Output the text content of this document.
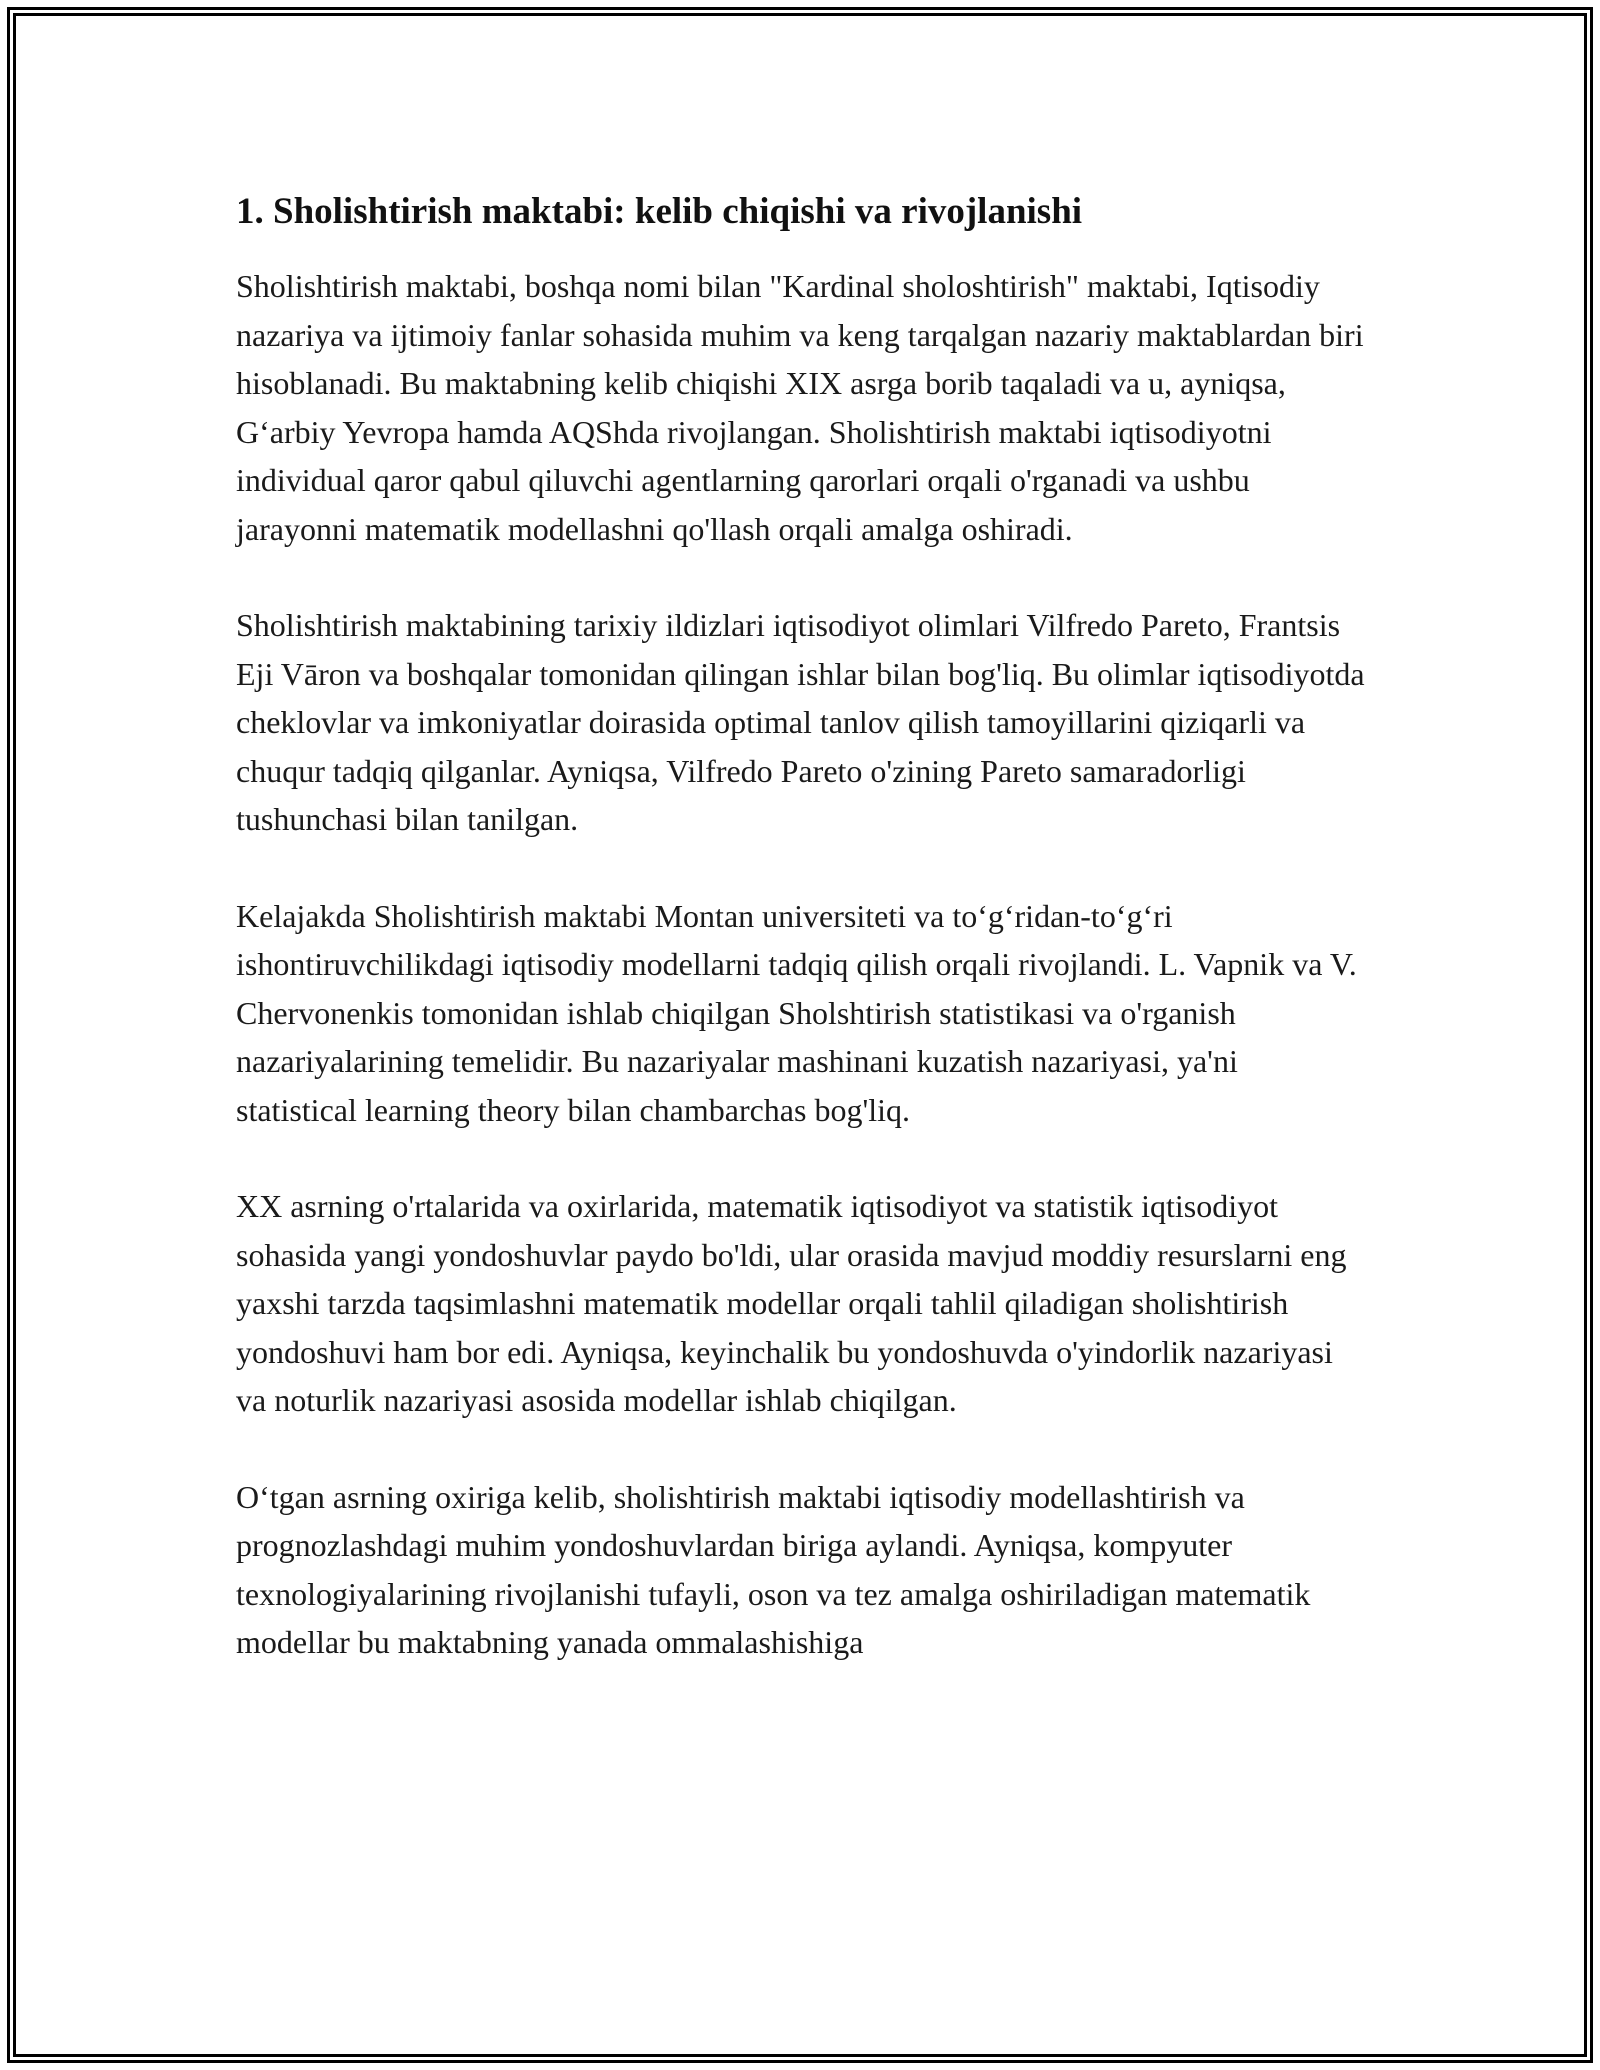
1. Sholishtirish maktabi: kelib chiqishi va rivojlanishi

Sholishtirish maktabi, boshqa nomi bilan "Kardinal sholoshtirish" maktabi, Iqtisodiy nazariya va ijtimoiy fanlar sohasida muhim va keng tarqalgan nazariy maktablardan biri hisoblanadi. Bu maktabning kelib chiqishi XIX asrga borib taqaladi va u, ayniqsa, G‘arbiy Yevropa hamda AQShda rivojlangan. Sholishtirish maktabi iqtisodiyotni individual qaror qabul qiluvchi agentlarning qarorlari orqali o'rganadi va ushbu jarayonni matematik modellashni qo'llash orqali amalga oshiradi.

Sholishtirish maktabining tarixiy ildizlari iqtisodiyot olimlari Vilfredo Pareto, Frantsis Eji Vāron va boshqalar tomonidan qilingan ishlar bilan bog'liq. Bu olimlar iqtisodiyotda cheklovlar va imkoniyatlar doirasida optimal tanlov qilish tamoyillarini qiziqarli va chuqur tadqiq qilganlar. Ayniqsa, Vilfredo Pareto o'zining Pareto samaradorligi tushunchasi bilan tanilgan.

Kelajakda Sholishtirish maktabi Montan universiteti va to‘g‘ridan-to‘g‘ri ishontiruvchilikdagi iqtisodiy modellarni tadqiq qilish orqali rivojlandi. L. Vapnik va V. Chervonenkis tomonidan ishlab chiqilgan Sholshtirish statistikasi va o'rganish nazariyalarining temelidir. Bu nazariyalar mashinani kuzatish nazariyasi, ya'ni statistical learning theory bilan chambarchas bog'liq.

XX asrning o'rtalarida va oxirlarida, matematik iqtisodiyot va statistik iqtisodiyot sohasida yangi yondoshuvlar paydo bo'ldi, ular orasida mavjud moddiy resurslarni eng yaxshi tarzda taqsimlashni matematik modellar orqali tahlil qiladigan sholishtirish yondoshuvi ham bor edi. Ayniqsa, keyinchalik bu yondoshuvda o'yindorlik nazariyasi va noturlik nazariyasi asosida modellar ishlab chiqilgan.

O‘tgan asrning oxiriga kelib, sholishtirish maktabi iqtisodiy modellashtirish va prognozlashdagi muhim yondoshuvlardan biriga aylandi. Ayniqsa, kompyuter texnologiyalarining rivojlanishi tufayli, oson va tez amalga oshiriladigan matematik modellar bu maktabning yanada ommalashishiga
